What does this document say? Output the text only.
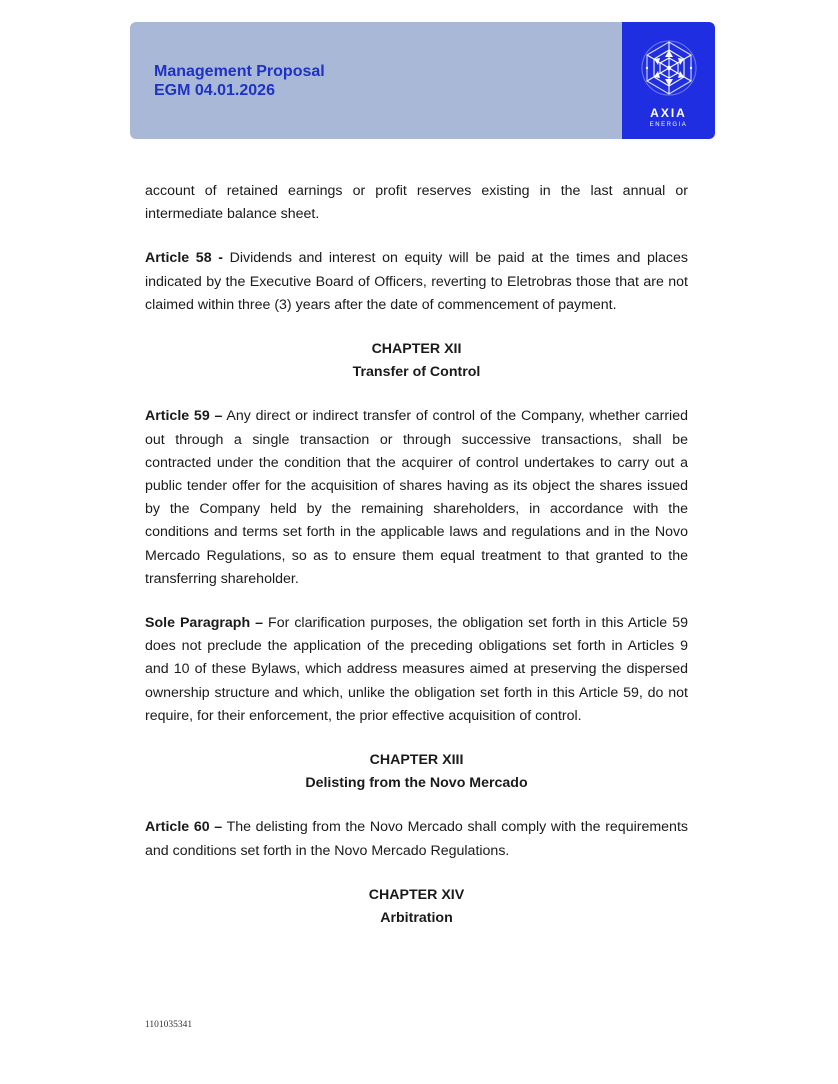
Management Proposal
EGM 04.01.2026
AXIA
ENERGIA

account of retained earnings or profit reserves existing in the last annual or intermediate balance sheet.

Article 58 - Dividends and interest on equity will be paid at the times and places indicated by the Executive Board of Officers, reverting to Eletrobras those that are not claimed within three (3) years after the date of commencement of payment.

CHAPTER XII

Transfer of Control

Article 59 – Any direct or indirect transfer of control of the Company, whether carried out through a single transaction or through successive transactions, shall be contracted under the condition that the acquirer of control undertakes to carry out a public tender offer for the acquisition of shares having as its object the shares issued by the Company held by the remaining shareholders, in accordance with the conditions and terms set forth in the applicable laws and regulations and in the Novo Mercado Regulations, so as to ensure them equal treatment to that granted to the transferring shareholder.

Sole Paragraph – For clarification purposes, the obligation set forth in this Article 59 does not preclude the application of the preceding obligations set forth in Articles 9 and 10 of these Bylaws, which address measures aimed at preserving the dispersed ownership structure and which, unlike the obligation set forth in this Article 59, do not require, for their enforcement, the prior effective acquisition of control.

CHAPTER XIII

Delisting from the Novo Mercado

Article 60 – The delisting from the Novo Mercado shall comply with the requirements and conditions set forth in the Novo Mercado Regulations.

CHAPTER XIV

Arbitration

1101035341
